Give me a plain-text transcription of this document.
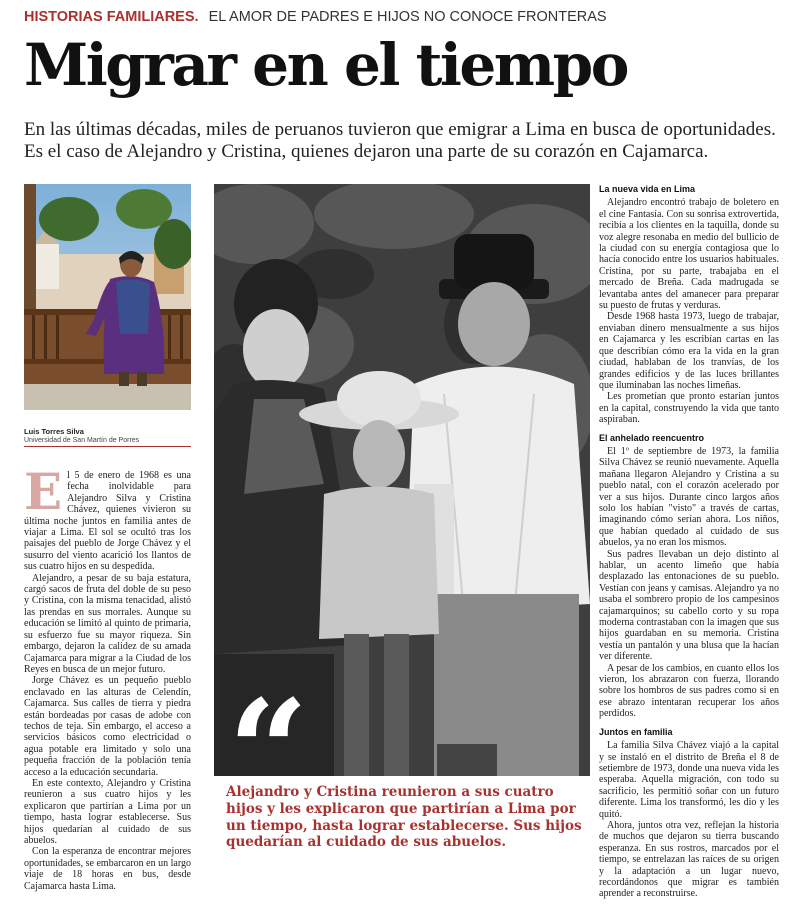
HISTORIAS FAMILIARES. EL AMOR DE PADRES E HIJOS NO CONOCE FRONTERAS
Migrar en el tiempo

En las últimas décadas, miles de peruanos tuvieron que emigrar a Lima en busca de oportunidades. Es el caso de Alejandro y Cristina, quienes dejaron una parte de su corazón en Cajamarca.

Luis Torres Silva
Universidad de San Martín de Porres

El 5 de enero de 1968 es una fecha inolvidable para Alejandro Silva y Cristina Chávez, quienes vivieron su última noche juntos en familia antes de viajar a Lima. El sol se ocultó tras los paisajes del pueblo de Jorge Chávez y el susurro del viento acarició los llantos de sus cuatro hijos en su despedida.

Alejandro, a pesar de su baja estatura, cargó sacos de fruta del doble de su peso y Cristina, con la misma tenacidad, alistó las prendas en sus morrales. Aunque su educación se limitó al quinto de primaria, su esfuerzo fue su mayor riqueza. Sin embargo, dejaron la calidez de su amada Cajamarca para migrar a la Ciudad de los Reyes en busca de un mejor futuro.

Jorge Chávez es un pequeño pueblo enclavado en las alturas de Celendín, Cajamarca. Sus calles de tierra y piedra están bordeadas por casas de adobe con techos de teja. Sin embargo, el acceso a servicios básicos como electricidad o agua potable era limitado y solo una pequeña fracción de la población tenía acceso a la educación secundaria.

En este contexto, Alejandro y Cristina reunieron a sus cuatro hijos y les explicaron que partirían a Lima por un tiempo, hasta lograr establecerse. Sus hijos quedarían al cuidado de sus abuelos.

Con la esperanza de encontrar mejores oportunidades, se embarcaron en un largo viaje de 18 horas en bus, desde Cajamarca hasta Lima.

“

Alejandro y Cristina reunieron a sus cuatro hijos y les explicaron que partirían a Lima por un tiempo, hasta lograr establecerse. Sus hijos quedarían al cuidado de sus abuelos.

La nueva vida en Lima

Alejandro encontró trabajo de boletero en el cine Fantasía. Con su sonrisa extrovertida, recibía a los clientes en la taquilla, donde su voz alegre resonaba en medio del bullicio de la ciudad con su energía contagiosa que lo hacía conocido entre los usuarios habituales. Cristina, por su parte, trabajaba en el mercado de Breña. Cada madrugada se levantaba antes del amanecer para preparar su puesto de frutas y verduras.

Desde 1968 hasta 1973, luego de trabajar, enviaban dinero mensualmente a sus hijos en Cajamarca y les escribían cartas en las que describían cómo era la vida en la gran ciudad, hablaban de los tranvías, de los grandes edificios y de las luces brillantes que iluminaban las noches limeñas.

Les prometían que pronto estarían juntos en la capital, construyendo la vida que tanto aspiraban.

El anhelado reencuentro

El 1º de septiembre de 1973, la familia Silva Chávez se reunió nuevamente. Aquella mañana llegaron Alejandro y Cristina a su pueblo natal, con el corazón acelerado por ver a sus hijos. Durante cinco largos años solo los habían "visto" a través de cartas, imaginando cómo serían ahora. Los niños, que habían quedado al cuidado de sus abuelos, ya no eran los mismos.

Sus padres llevaban un dejo distinto al hablar, un acento limeño que había desplazado las entonaciones de su pueblo. Vestían con jeans y camisas. Alejandro ya no usaba el sombrero propio de los campesinos cajamarquinos; su cabello corto y su ropa moderna contrastaban con la imagen que sus hijos guardaban en su memoria. Cristina vestía un pantalón y una blusa que la hacían ver diferente.

A pesar de los cambios, en cuanto ellos los vieron, los abrazaron con fuerza, llorando sobre los hombros de sus padres como si en ese abrazo intentaran recuperar los años perdidos.

Juntos en familia

La familia Silva Chávez viajó a la capital y se instaló en el distrito de Breña el 8 de setiembre de 1973, donde una nueva vida les esperaba. Aquella migración, con todo su sacrificio, les permitió soñar con un futuro diferente. Lima los transformó, les dio y les quitó.

Ahora, juntos otra vez, reflejan la historia de muchos que dejaron su tierra buscando esperanza. En sus rostros, marcados por el tiempo, se entrelazan las raíces de su origen y la adaptación a un lugar nuevo, recordándonos que migrar es también aprender a reconstruirse.
